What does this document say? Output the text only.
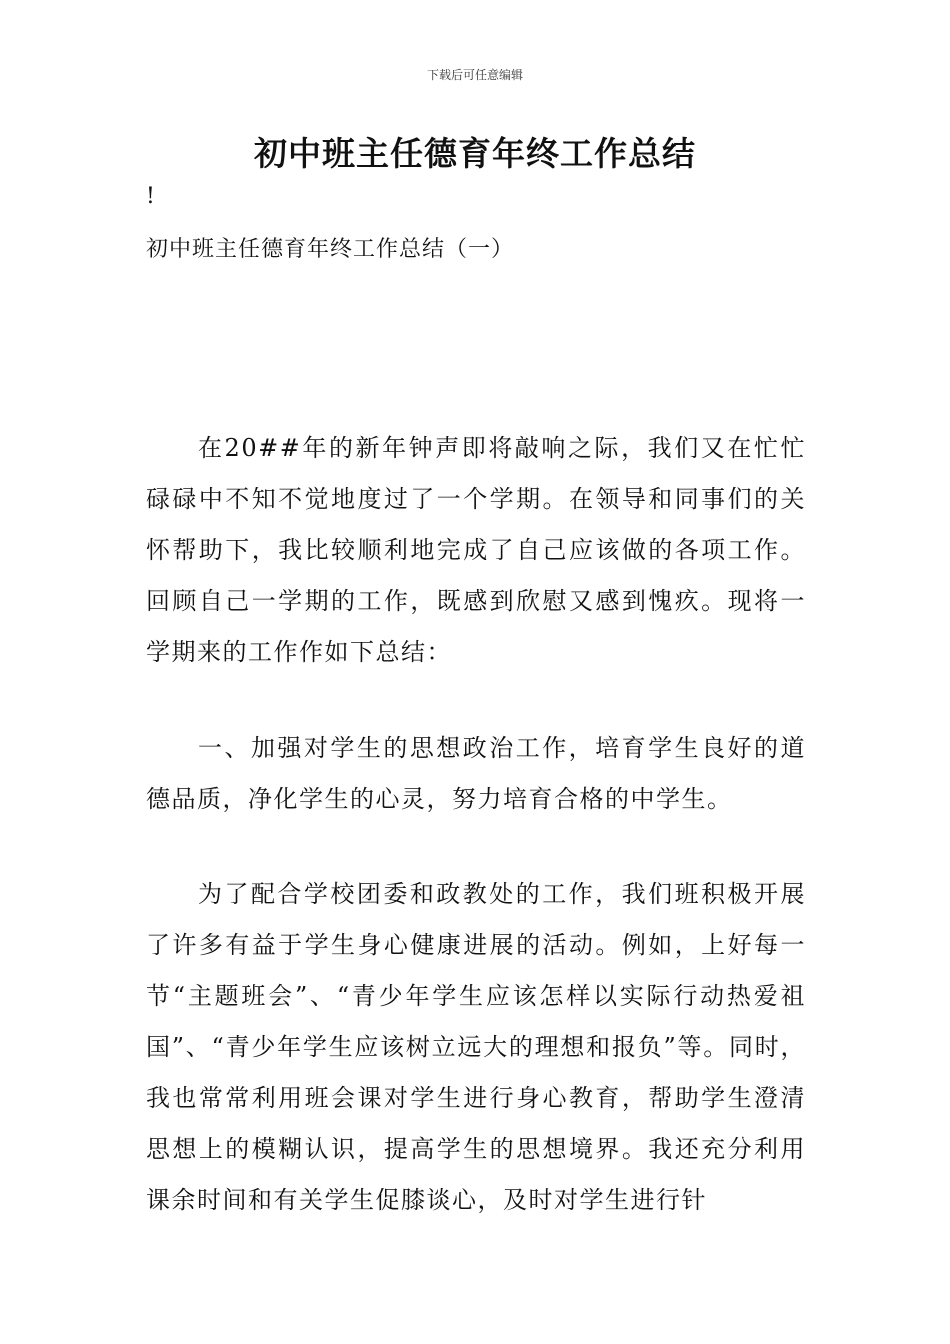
下载后可任意编辑
初中班主任德育年终工作总结
!
初中班主任德育年终工作总结（一）

在20##年的新年钟声即将敲响之际，我们又在忙忙碌碌中不知不觉地度过了一个学期。在领导和同事们的关怀帮助下，我比较顺利地完成了自己应该做的各项工作。回顾自己一学期的工作，既感到欣慰又感到愧疚。现将一学期来的工作作如下总结：

一、加强对学生的思想政治工作，培育学生良好的道德品质，净化学生的心灵，努力培育合格的中学生。

为了配合学校团委和政教处的工作，我们班积极开展了许多有益于学生身心健康进展的活动。例如，上好每一节“主题班会”、“青少年学生应该怎样以实际行动热爱祖国”、“青少年学生应该树立远大的理想和报负”等。同时，我也常常利用班会课对学生进行身心教育，帮助学生澄清思想上的模糊认识，提高学生的思想境界。我还充分利用课余时间和有关学生促膝谈心，及时对学生进行针
